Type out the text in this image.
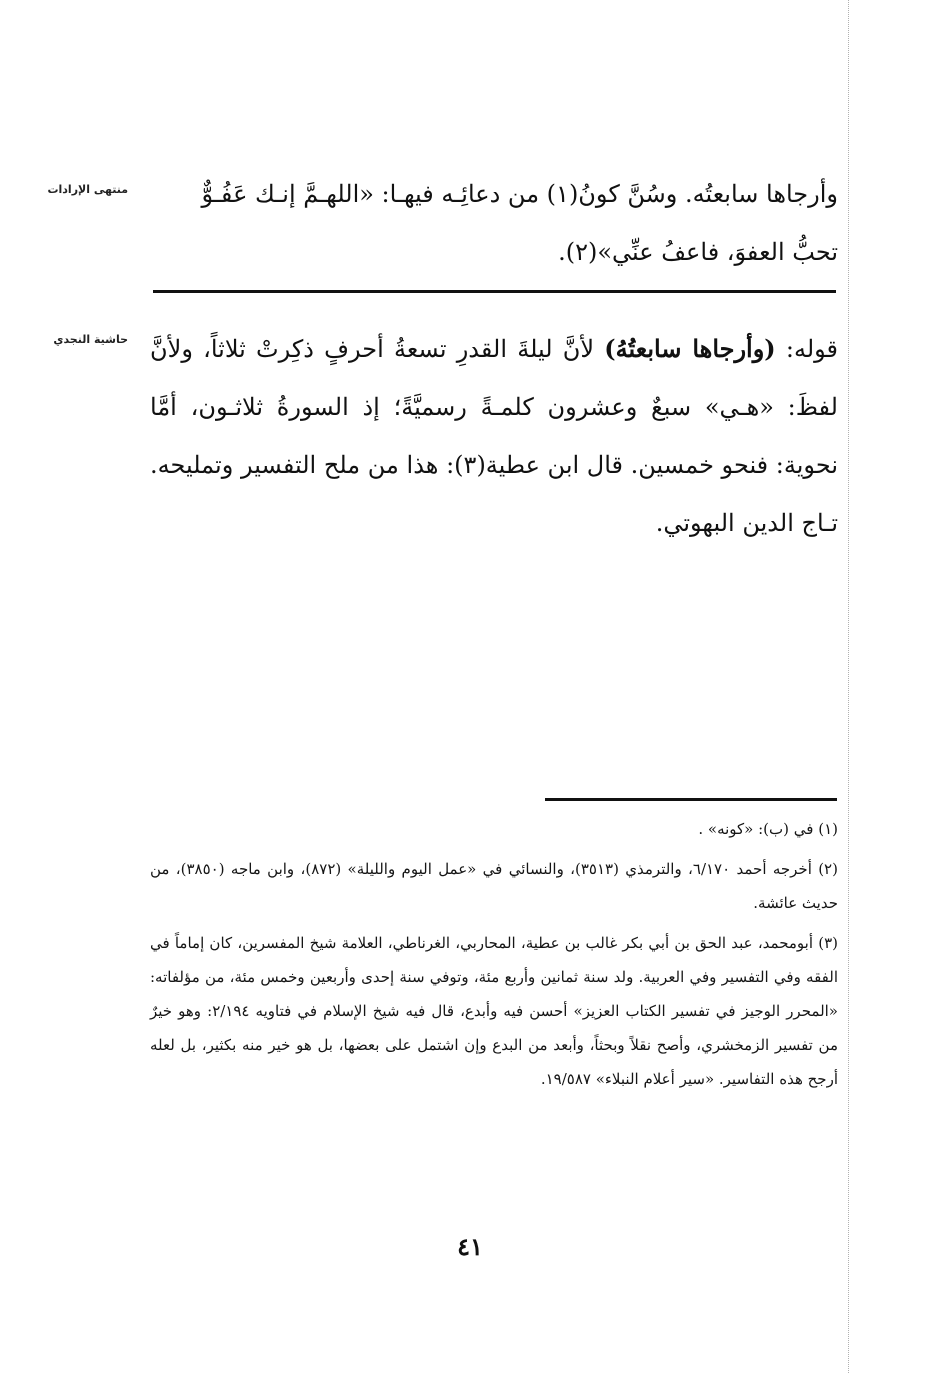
منتهى الإرادات	وأرجاها سابعتُه. وسُنَّ كونُ(١) من دعائِـه فيهـا: «اللهـمَّ إنـك عَفُـوٌّ
تحبُّ العفوَ، فاعفُ عنِّي»(٢).
حاشية النجدي	قوله: (وأرجاها سابعتُهُ) لأنَّ ليلةَ القدرِ تسعةُ أحرفٍ ذكِرتْ ثلاثاً، ولأنَّ لفظَ: «هـي» سبعٌ وعشرون كلمـةً رسميَّةً؛ إذ السورةُ ثلاثـون، أمَّا نحوية: فنحو خمسين. قال ابن عطية(٣): هذا من ملح التفسير وتمليحه. تـاج الدين البهوتي.

(١) في (ب): «كونه» .

(٢) أخرجه أحمد ٦/١٧٠، والترمذي (٣٥١٣)، والنسائي في «عمل اليوم والليلة» (٨٧٢)، وابن ماجه (٣٨٥٠)، من حديث عائشة.

(٣) أبومحمد، عبد الحق بن أبي بكر غالب بن عطية، المحاربي، الغرناطي، العلامة شيخ المفسرين، كان إماماً في الفقه وفي التفسير وفي العربية. ولد سنة ثمانين وأربع مئة، وتوفي سنة إحدى وأربعين وخمس مئة، من مؤلفاته: «المحرر الوجيز في تفسير الكتاب العزيز» أحسن فيه وأبدع، قال فيه شيخ الإسلام في فتاويه ٢/١٩٤: وهو خيرٌ من تفسير الزمخشري، وأصح نقلاً وبحثاً، وأبعد من البدع وإن اشتمل على بعضها، بل هو خير منه بكثير، بل لعله أرجح هذه التفاسير. «سير أعلام النبلاء» ١٩/٥٨٧.

٤١
